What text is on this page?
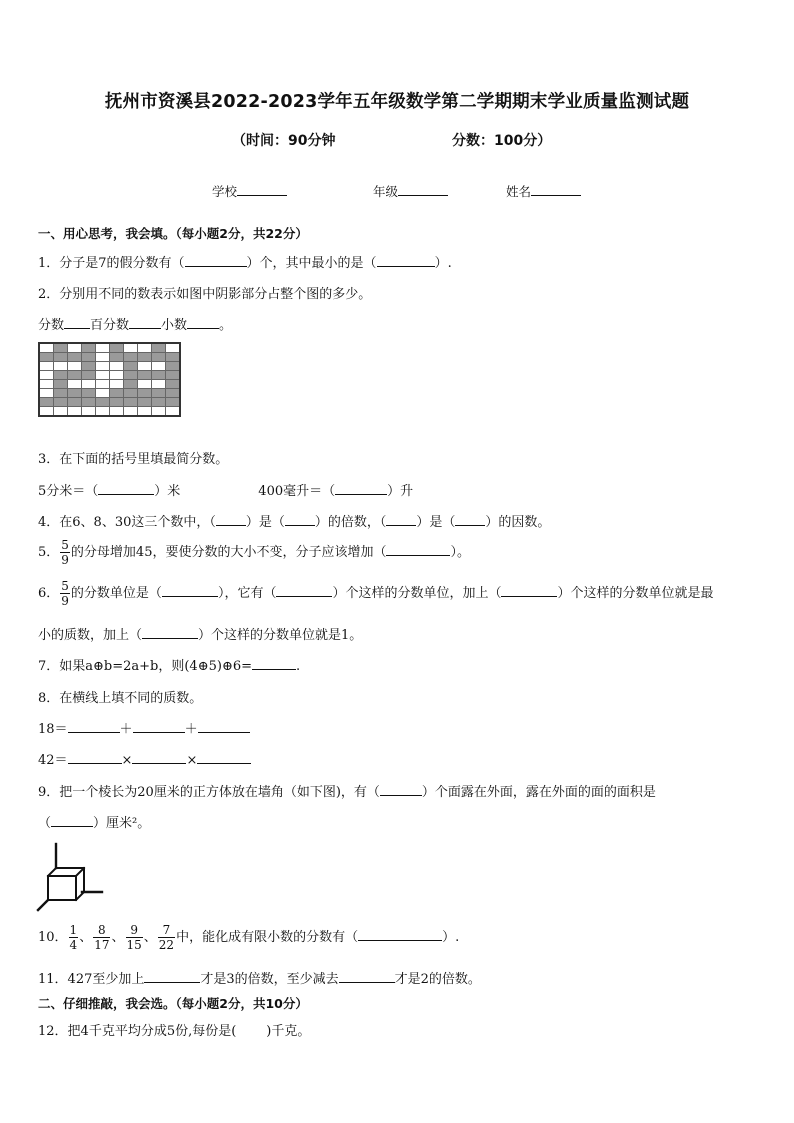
抚州市资溪县2022-2023学年五年级数学第二学期期末学业质量监测试题
（时间：90分钟	分数：100分）
学校	年级	姓名
一、用心思考，我会填。（每小题2分，共22分）
1．分子是7的假分数有（	）个，其中最小的是（	）.
2．分别用不同的数表示如图中阴影部分占整个图的多少。
分数 百分数 小数 。

3．在下面的括号里填最简分数。
5分米＝（	）米	400毫升＝（	）升
4．在6、8、30这三个数中，（ ）是（ ）的倍数，（ ）是（ ）的因数。
5． $\frac{5}{9}$ 的分母增加45，要使分数的大小不变，分子应该增加（	）。
6． $\frac{5}{9}$ 的分数单位是（	），它有（	）个这样的分数单位，加上（	）个这样的分数单位就是最
小的质数，加上（	）个这样的分数单位就是1。
7．如果a⊕b=2a+b，则(4⊕5)⊕6=	.
8．在横线上填不同的质数。
18＝	＋	＋
42＝	×	×
9．把一个棱长为20厘米的正方体放在墙角（如下图)，有（	）个面露在外面，露在外面的面的面积是
（	）厘米²。
10． $\frac{1}{4}$ 、 $\frac{8}{17}$ 、 $\frac{9}{15}$ 、 $\frac{7}{22}$ 中，能化成有限小数的分数有（	）.
11．427至少加上	才是3的倍数，至少减去	才是2的倍数。
二、仔细推敲，我会选。（每小题2分，共10分）
12．把4千克平均分成5份,每份是( )千克。
